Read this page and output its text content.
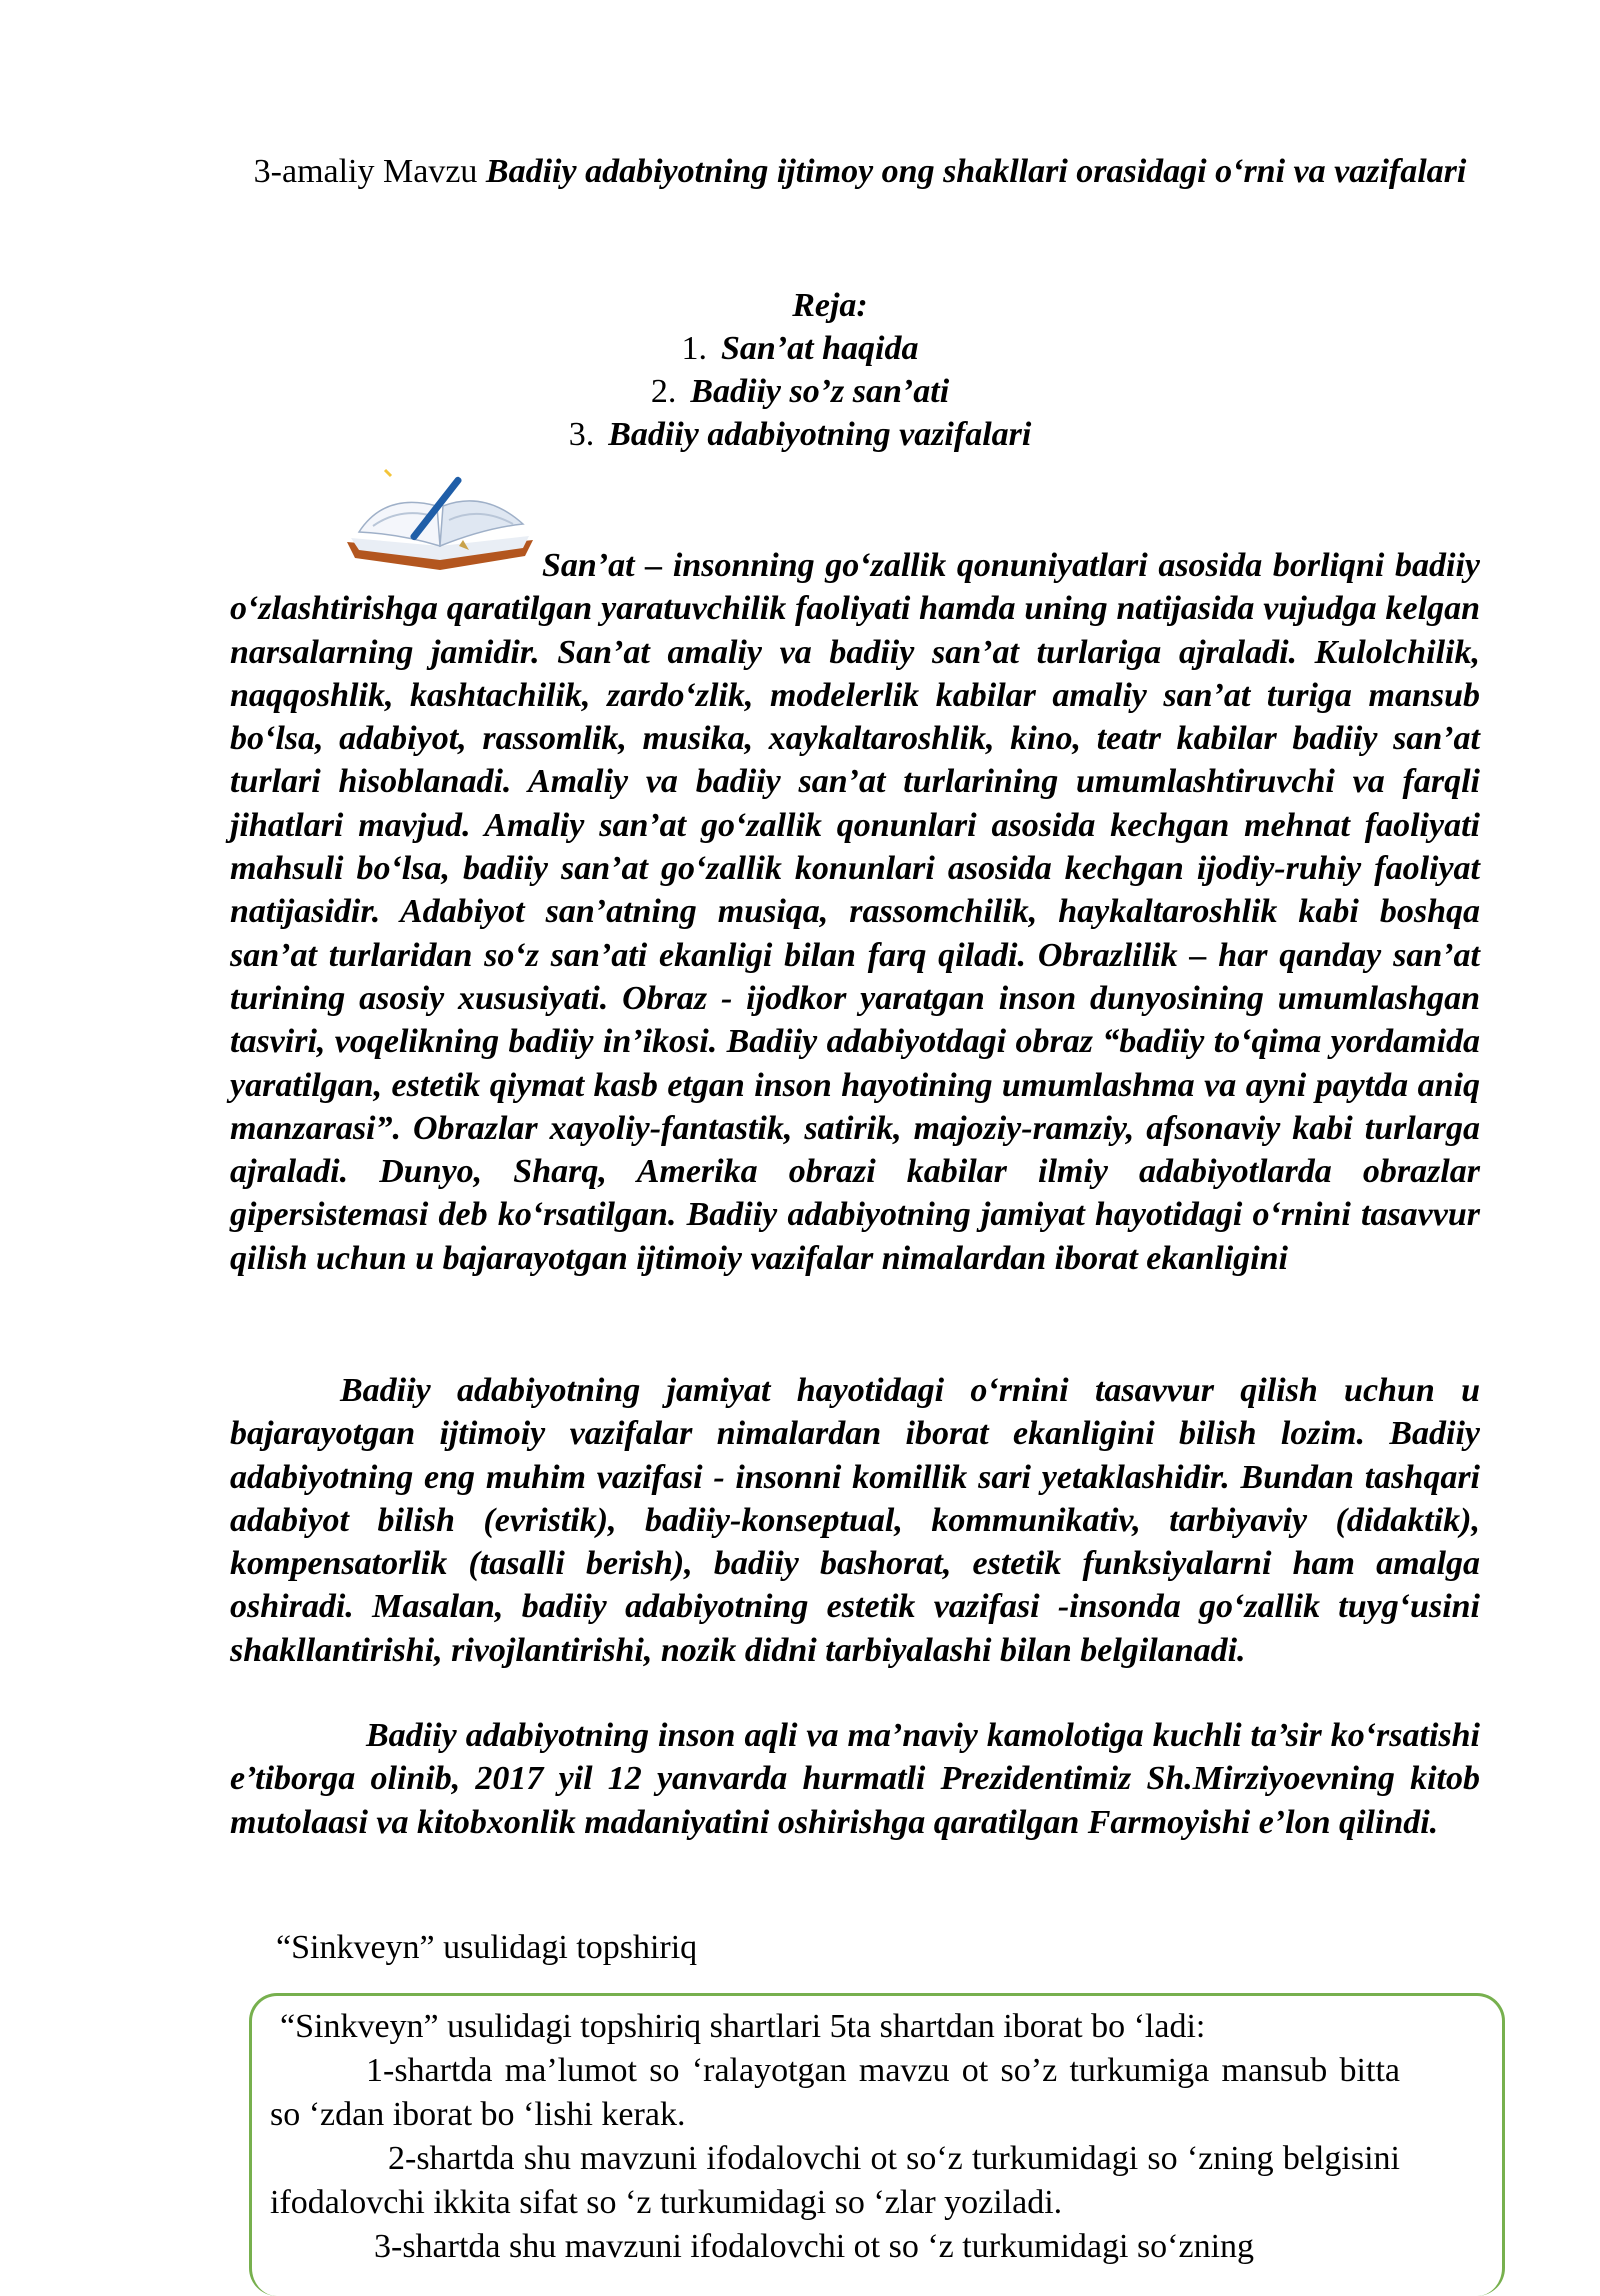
3-amaliy Mavzu Badiiy adabiyotning ijtimoy ong shakllari orasidagi o‘rni va vazifalari
Reja:
1. San’at haqida
2. Badiiy so’z san’ati
3. Badiiy adabiyotning vazifalari

San’at – insonning go‘zallik qonuniyatlari asosida borliqni badiiy o‘zlashtirishga qaratilgan yaratuvchilik faoliyati hamda uning natijasida vujudga kelgan narsalarning jamidir. San’at amaliy va badiiy san’at turlariga ajraladi. Kulolchilik, naqqoshlik, kashtachilik, zardo‘zlik, modelerlik kabilar amaliy san’at turiga mansub bo‘lsa, adabiyot, rassomlik, musika, xaykaltaroshlik, kino, teatr kabilar badiiy san’at turlari hisoblanadi. Amaliy va badiiy san’at turlarining umumlashtiruvchi va farqli jihatlari mavjud. Amaliy san’at go‘zallik qonunlari asosida kechgan mehnat faoliyati mahsuli bo‘lsa, badiiy san’at go‘zallik konunlari asosida kechgan ijodiy-ruhiy faoliyat natijasidir. Adabiyot san’atning musiqa, rassomchilik, haykaltaroshlik kabi boshqa san’at turlaridan so‘z san’ati ekanligi bilan farq qiladi. Obrazlilik – har qanday san’at turining asosiy xususiyati. Obraz - ijodkor yaratgan inson dunyosining umumlashgan tasviri, voqelikning badiiy in’ikosi. Badiiy adabiyotdagi obraz “badiiy to‘qima yordamida yaratilgan, estetik qiymat kasb etgan inson hayotining umumlashma va ayni paytda aniq manzarasi”. Obrazlar xayoliy-fantastik, satirik, majoziy-ramziy, afsonaviy kabi turlarga ajraladi. Dunyo, Sharq, Amerika obrazi kabilar ilmiy adabiyotlarda obrazlar gipersistemasi deb ko‘rsatilgan. Badiiy adabiyotning jamiyat hayotidagi o‘rnini tasavvur qilish uchun u bajarayotgan ijtimoiy vazifalar nimalardan iborat ekanligini

Badiiy adabiyotning jamiyat hayotidagi o‘rnini tasavvur qilish uchun u bajarayotgan ijtimoiy vazifalar nimalardan iborat ekanligini bilish lozim. Badiiy adabiyotning eng muhim vazifasi - insonni komillik sari yetaklashidir. Bundan tashqari adabiyot bilish (evristik), badiiy-konseptual, kommunikativ, tarbiyaviy (didaktik), kompensatorlik (tasalli berish), badiiy bashorat, estetik funksiyalarni ham amalga oshiradi. Masalan, badiiy adabiyotning estetik vazifasi -insonda go‘zallik tuyg‘usini shakllantirishi, rivojlantirishi, nozik didni tarbiyalashi bilan belgilanadi.

Badiiy adabiyotning inson aqli va ma’naviy kamolotiga kuchli ta’sir ko‘rsatishi e’tiborga olinib, 2017 yil 12 yanvarda hurmatli Prezidentimiz Sh.Mirziyoevning kitob mutolaasi va kitobxonlik madaniyatini oshirishga qaratilgan Farmoyishi e’lon qilindi.

“Sinkveyn” usulidagi topshiriq

“Sinkveyn” usulidagi topshiriq shartlari 5ta shartdan iborat bo ‘ladi:

1-shartda ma’lumot so ‘ralayotgan mavzu ot so’z turkumiga mansub bitta so ‘zdan iborat bo ‘lishi kerak.

2-shartda shu mavzuni ifodalovchi ot so‘z turkumidagi so ‘zning belgisini ifodalovchi ikkita sifat so ‘z turkumidagi so ‘zlar yoziladi.

3-shartda shu mavzuni ifodalovchi ot so ‘z turkumidagi so‘zning
